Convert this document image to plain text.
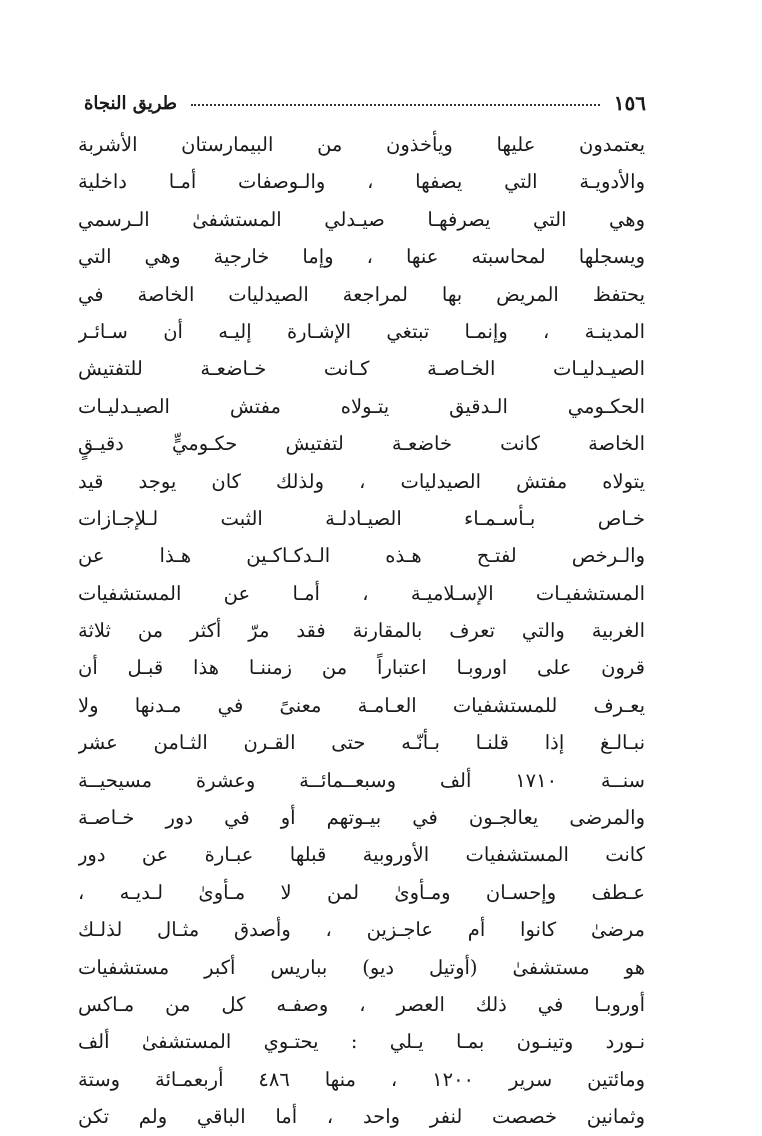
١٥٦
طريق النجاة
يعتمدون عليها ويأخذون من البيمارستان الأشربة
والأدويـة التي يصفها ، والـوصفات أمـا داخلية
وهي التي يصرفهـا صيـدلي المستشفىٰ الـرسمي
ويسجلها لمحاسبته عنها ، وإما خارجية وهي التي
يحتفظ المريض بها لمراجعة الصيدليات الخاصة في
المدينـة ، وإنمـا تبتغي الإشـارة إليـه أن سـائـر
الصيـدليـات الخـاصـة كـانت خـاضعـة للتفتيش
الحكـومي الـدقيق يتـولاه مفتش الصيـدليـات
الخاصة كانت خاضعـة لتفتيش حكـوميٍّ دقيـقٍ
يتولاه مفتش الصيدليات ، ولذلك كان يوجد قيد
خـاص بـأسـمـاء الصيـادلـة الثبت لـلإجـازات
والـرخص لفتـح هـذه الـدكـاكـين هـذا عن
المستشفيـات الإسـلاميـة ، أمـا عن المستشفيات
الغربية والتي تعرف بالمقارنة فقد مرّ أكثر من ثلاثة
قرون على اوروبـا اعتباراً من زمننـا هذا قبـل أن
يعـرف للمستشفيات العـامـة معنىً في مـدنها ولا
نبـالـغ إذا قلنـا بـأنّـه حتى القـرن الثـامن عشر
سنــة ١٧١٠ ألف وسبعــمائــة وعشرة مسيحيــة
والمرضى يعالجـون في بيـوتهم أو في دور خـاصـة
كانت المستشفيات الأوروبية قبلها عبـارة عن دور
عـطف وإحسـان ومـأوىٰ لمن لا مـأوىٰ لـديـه ،
مرضىٰ كانوا أم عاجـزين ، وأصدق مثـال لذلـك
هو مستشفىٰ (أوتيل ديو) بباريس أكبر مستشفيات
أوروبـا في ذلك العصر ، وصفـه كل من مـاكس
نـورد وتينـون بمـا يـلي : يحتـوي المستشفىٰ ألف
ومائتين سرير ١٢٠٠ ، منها ٤٨٦ أربعمـائة وستة
وثمانين خصصت لنفر واحد ، أما الباقي ولم تكن
